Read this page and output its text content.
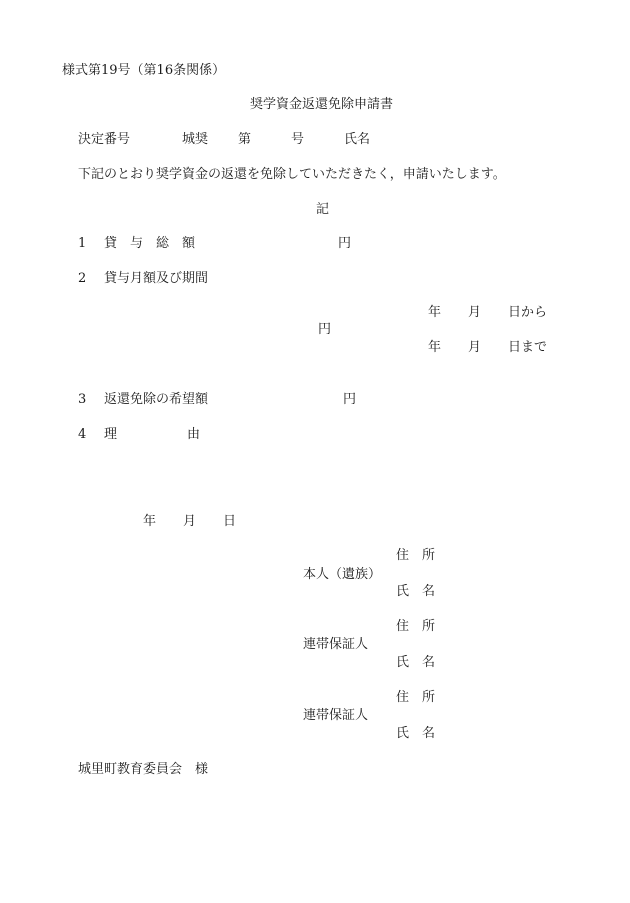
様式第19号（第16条関係）
奨学資金返還免除申請書
決定番号	城奨 第	号	氏名
下記のとおり奨学資金の返還を免除していただきたく，申請いたします。
記
1 貸　与　総　額	円
2 貸与月額及び期間
円
年 月 日から
年 月 日まで
3 返還免除の希望額	円
4 理	由
年 月 日
本人（遺族）
住 所
氏 名
連帯保証人
住 所
氏 名
連帯保証人
住 所
氏 名
城里町教育委員会　様
